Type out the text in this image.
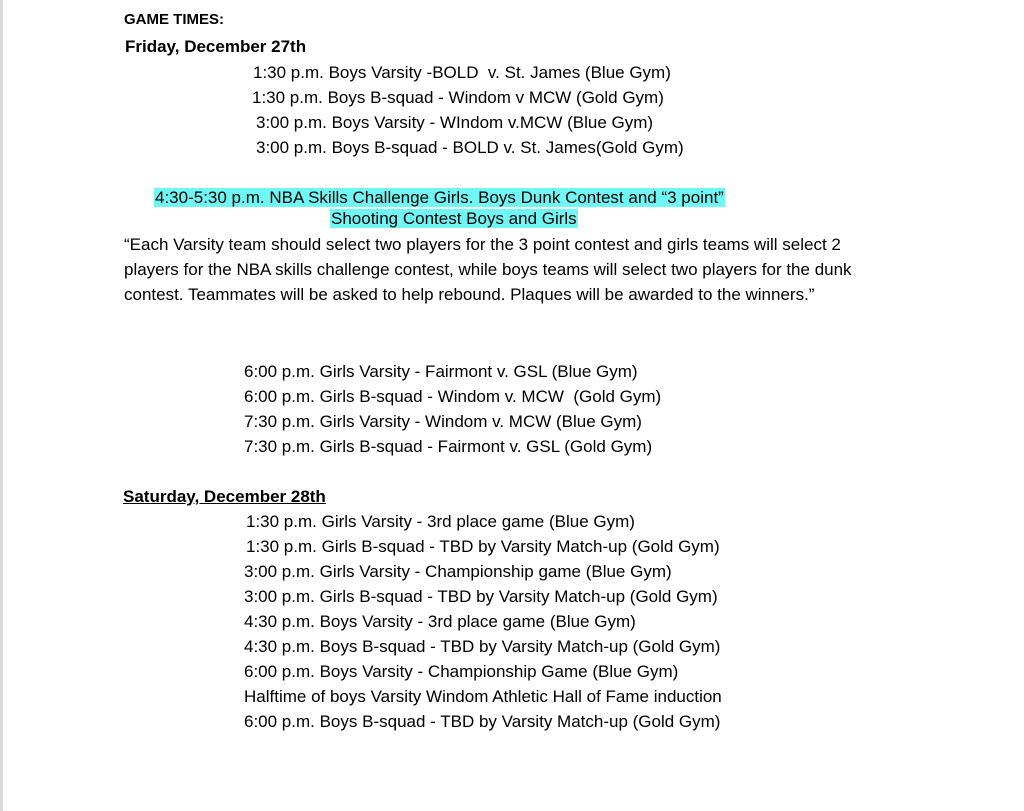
GAME TIMES:
Friday, December 27th
1:30 p.m. Boys Varsity -BOLD  v. St. James (Blue Gym)
1:30 p.m. Boys B-squad - Windom v MCW (Gold Gym)
3:00 p.m. Boys Varsity - WIndom v.MCW (Blue Gym)
3:00 p.m. Boys B-squad - BOLD v. St. James(Gold Gym)
4:30-5:30 p.m. NBA Skills Challenge Girls. Boys Dunk Contest and “3 point”
Shooting Contest Boys and Girls
“Each Varsity team should select two players for the 3 point contest and girls teams will select 2 players for the NBA skills challenge contest, while boys teams will select two players for the dunk contest. Teammates will be asked to help rebound. Plaques will be awarded to the winners.”
6:00 p.m. Girls Varsity - Fairmont v. GSL (Blue Gym)
6:00 p.m. Girls B-squad - Windom v. MCW  (Gold Gym)
7:30 p.m. Girls Varsity - Windom v. MCW (Blue Gym)
7:30 p.m. Girls B-squad - Fairmont v. GSL (Gold Gym)
Saturday, December 28th
1:30 p.m. Girls Varsity - 3rd place game (Blue Gym)
1:30 p.m. Girls B-squad - TBD by Varsity Match-up (Gold Gym)
3:00 p.m. Girls Varsity - Championship game (Blue Gym)
3:00 p.m. Girls B-squad - TBD by Varsity Match-up (Gold Gym)
4:30 p.m. Boys Varsity - 3rd place game (Blue Gym)
4:30 p.m. Boys B-squad - TBD by Varsity Match-up (Gold Gym)
6:00 p.m. Boys Varsity - Championship Game (Blue Gym)
Halftime of boys Varsity Windom Athletic Hall of Fame induction
6:00 p.m. Boys B-squad - TBD by Varsity Match-up (Gold Gym)
